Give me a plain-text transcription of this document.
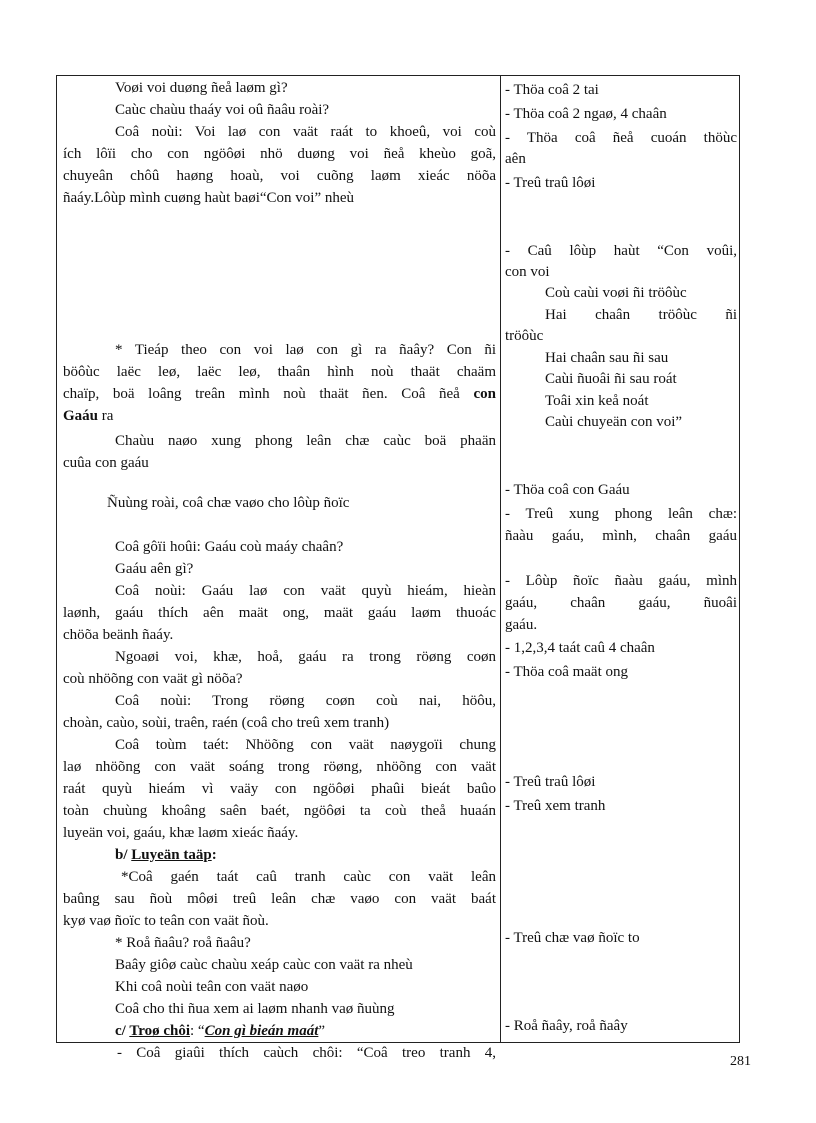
Voøi voi duøng ñeå laøm gì?
Caùc chaùu thaáy voi oû ñaâu roài?
Coâ noùi: Voi laø con vaät raát to khoeû, voi coù
ích lôïi cho con ngöôøi nhö duøng voi ñeå kheùo goã,
chuyeân chôû haøng hoaù, voi cuõng laøm xieác nöõa
ñaáy.Lôùp mình cuøng haùt baøi“Con voi” nheù
* Tieáp theo con voi laø con gì ra ñaây? Con ñi
böôùc laëc leø, laëc leø, thaân hình noù thaät chaäm
chaïp, boä loâng treân mình noù thaät ñen. Coâ ñeå con
Gaáu ra
Chaùu naøo xung phong leân chæ caùc boä phaän
cuûa con gaáu
Ñuùng roài, coâ chæ vaøo cho lôùp ñoïc
Coâ gôïi hoûi: Gaáu coù maáy chaân?
Gaáu aên gì?
Coâ noùi: Gaáu laø con vaät quyù hieám, hieàn
laønh, gaáu thích aên maät ong, maät gaáu laøm thuoác
chöõa beänh ñaáy.
Ngoaøi voi, khæ, hoå, gaáu ra trong röøng coøn
coù nhöõng con vaät gì nöõa?
Coâ noùi: Trong röøng coøn coù nai, höôu,
choàn, caùo, soùi, traên, raén (coâ cho treû xem tranh)
Coâ toùm taét: Nhöõng con vaät naøygoïi chung
laø nhöõng con vaät soáng trong röøng, nhöõng con vaät
raát quyù hieám vì vaäy con ngöôøi phaûi bieát baûo
toàn chuùng khoâng saên baét, ngöôøi ta coù theå huaán
luyeän voi, gaáu, khæ laøm xieác ñaáy.
b/ Luyeän taäp:
*Coâ gaén taát caû tranh caùc con vaät leân
baûng sau ñoù môøi treû leân chæ vaøo con vaät baát
kyø vaø ñoïc to teân con vaät ñoù.
* Roå ñaâu? roå ñaâu?
Baây giôø caùc chaùu xeáp caùc con vaät ra nheù
Khi coâ noùi teân con vaät naøo
Coâ cho thi ñua xem ai laøm nhanh vaø ñuùng
c/ Troø chôi: “Con gì bieán maát”
- Coâ giaûi thích caùch chôi: “Coâ treo tranh 4,
- Thöa coâ 2 tai
- Thöa coâ 2 ngaø, 4 chaân
- Thöa coâ ñeå cuoán thöùc
aên
- Treû traû lôøi
- Caû lôùp haùt “Con voûi,
con voi
Coù caùi voøi ñi tröôùc
Hai chaân tröôùc ñi
tröôùc
Hai chaân sau ñi sau
Caùi ñuoâi ñi sau roát
Toâi xin keå noát
Caùi chuyeän con voi”
- Thöa coâ con Gaáu
- Treû xung phong leân chæ:
ñaàu gaáu, mình, chaân gaáu
- Lôùp ñoïc ñaàu gaáu, mình
gaáu, chaân gaáu, ñuoâi
gaáu.
- 1,2,3,4 taát caû 4 chaân
- Thöa coâ maät ong
- Treû traû lôøi
- Treû xem tranh
- Treû chæ vaø ñoïc to
- Roå ñaây, roå ñaây
281
